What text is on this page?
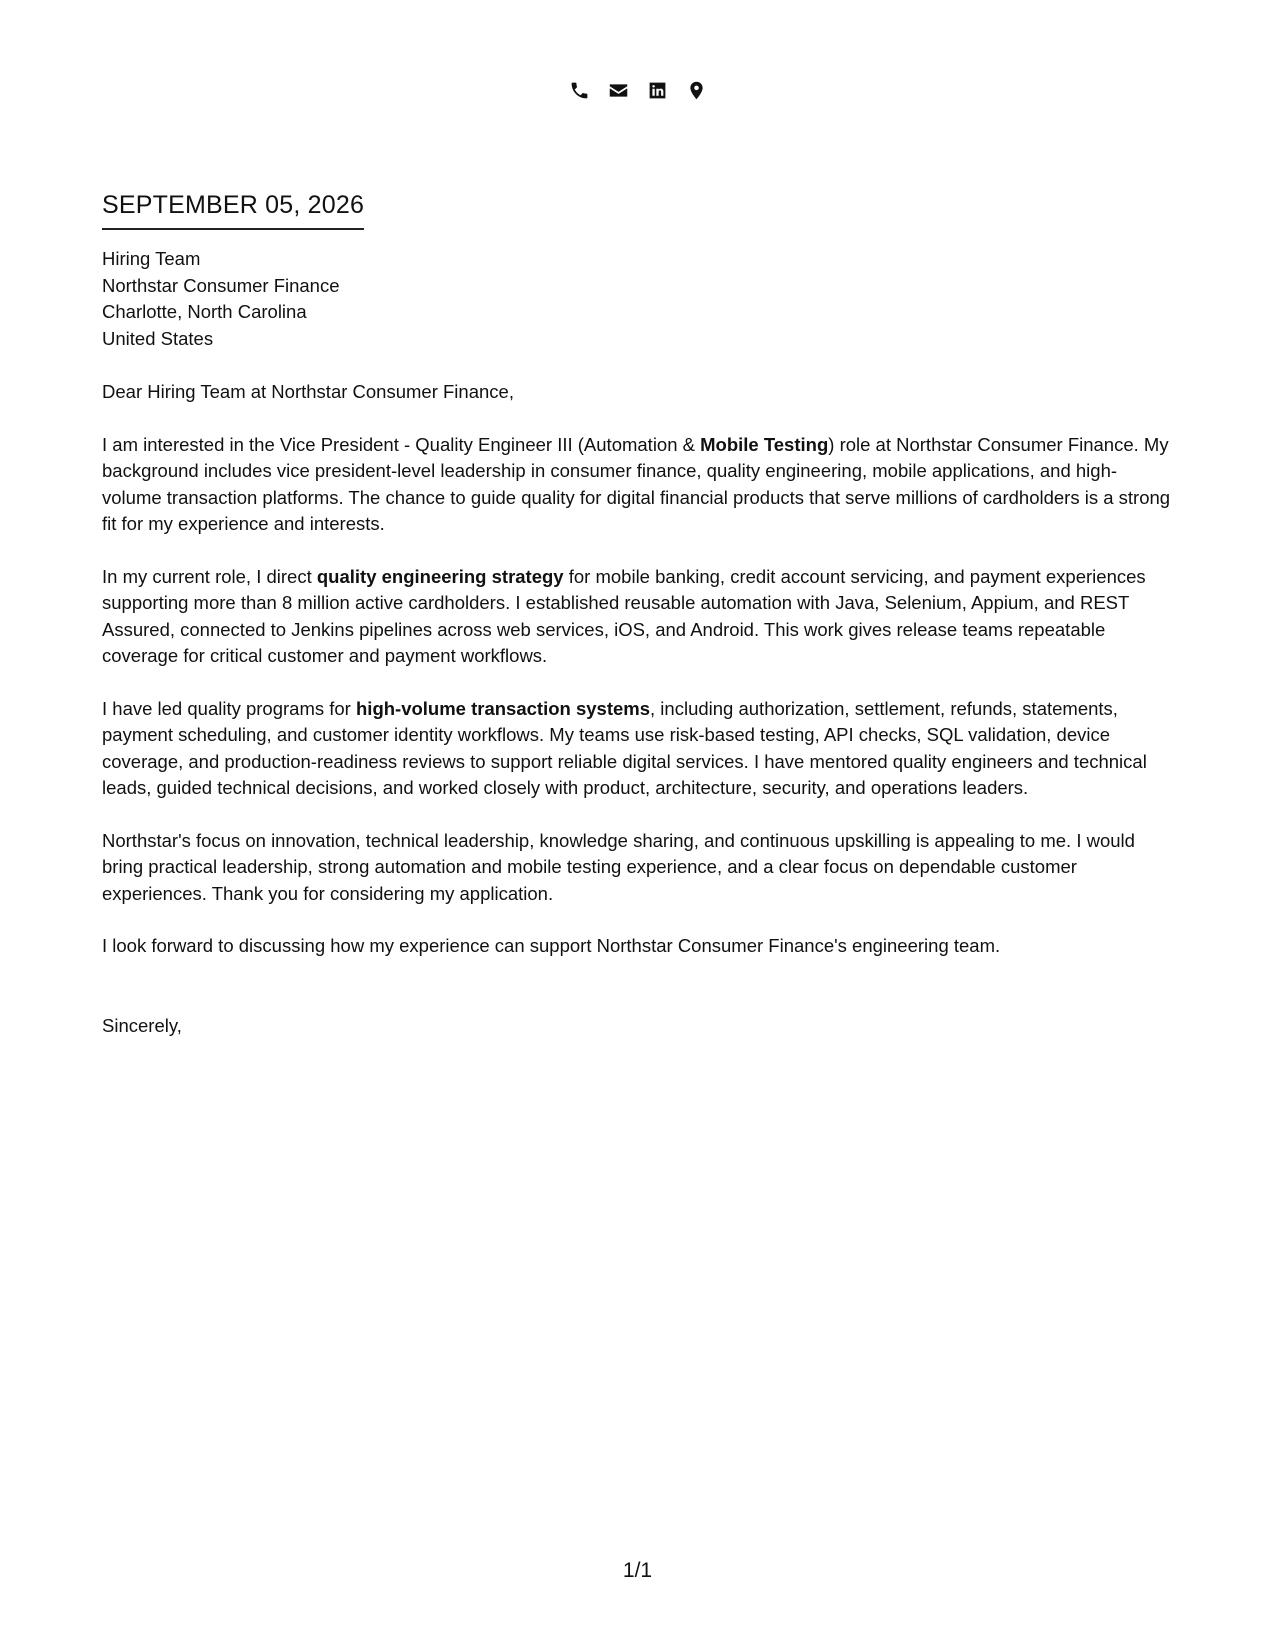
SEPTEMBER 05, 2026
Hiring Team
Northstar Consumer Finance
Charlotte, North Carolina
United States
Dear Hiring Team at Northstar Consumer Finance,
I am interested in the Vice President - Quality Engineer III (Automation & Mobile Testing) role at Northstar Consumer Finance. My background includes vice president-level leadership in consumer finance, quality engineering, mobile applications, and high-volume transaction platforms. The chance to guide quality for digital financial products that serve millions of cardholders is a strong fit for my experience and interests.
In my current role, I direct quality engineering strategy for mobile banking, credit account servicing, and payment experiences supporting more than 8 million active cardholders. I established reusable automation with Java, Selenium, Appium, and REST Assured, connected to Jenkins pipelines across web services, iOS, and Android. This work gives release teams repeatable coverage for critical customer and payment workflows.
I have led quality programs for high-volume transaction systems, including authorization, settlement, refunds, statements, payment scheduling, and customer identity workflows. My teams use risk-based testing, API checks, SQL validation, device coverage, and production-readiness reviews to support reliable digital services. I have mentored quality engineers and technical leads, guided technical decisions, and worked closely with product, architecture, security, and operations leaders.
Northstar's focus on innovation, technical leadership, knowledge sharing, and continuous upskilling is appealing to me. I would bring practical leadership, strong automation and mobile testing experience, and a clear focus on dependable customer experiences. Thank you for considering my application.
I look forward to discussing how my experience can support Northstar Consumer Finance's engineering team.
Sincerely,
1/1
